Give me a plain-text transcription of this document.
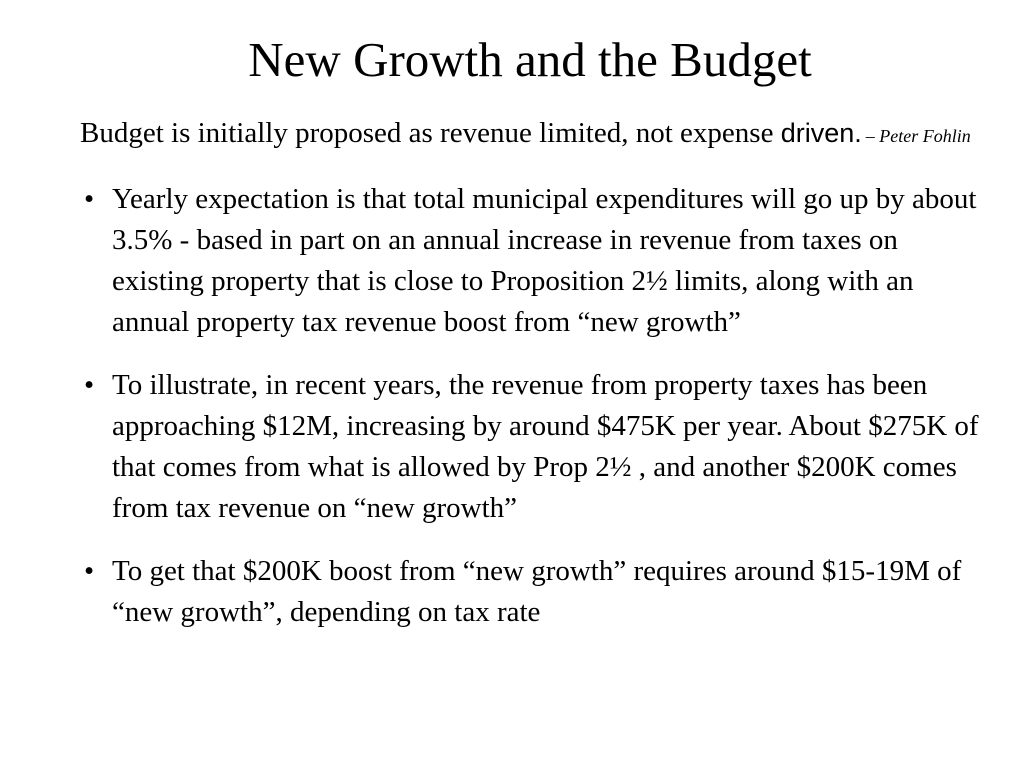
New Growth and the Budget

Budget is initially proposed as revenue limited, not expense driven. – Peter Fohlin

• Yearly expectation is that total municipal expenditures will go up by about 3.5% - based in part on an annual increase in revenue from taxes on existing property that is close to Proposition 2½ limits, along with an annual property tax revenue boost from “new growth”
• To illustrate, in recent years, the revenue from property taxes has been approaching $12M, increasing by around $475K per year. About $275K of that comes from what is allowed by Prop 2½ , and another $200K comes from tax revenue on “new growth”
• To get that $200K boost from “new growth” requires around $15-19M of “new growth”, depending on tax rate
